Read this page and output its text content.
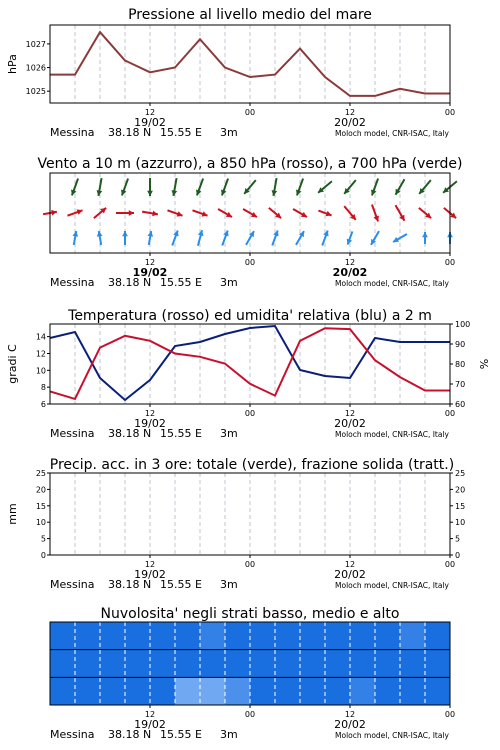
Pressione al livello medio del mare
hPa
1025
1026
1027
12	00	12	00
19/02	20/02
Messina 38.18 N 15.55 E 3m	Moloch model, CNR-ISAC, Italy
Vento a 10 m (azzurro), a 850 hPa (rosso), a 700 hPa (verde)
12	00	12	00
19/02	20/02
Messina 38.18 N 15.55 E 3m	Moloch model, CNR-ISAC, Italy
Temperatura (rosso) ed umidita' relativa (blu) a 2 m
gradi C	%
6
8
10
12
14
60
70
80
90
100
12	00	12	00
19/02	20/02
Messina 38.18 N 15.55 E 3m	Moloch model, CNR-ISAC, Italy
Precip. acc. in 3 ore: totale (verde), frazione solida (tratt.)
mm
0
5
10
15
20
25
0
5
10
15
20
25
12	00	12	00
19/02	20/02
Messina 38.18 N 15.55 E 3m	Moloch model, CNR-ISAC, Italy
Nuvolosita' negli strati basso, medio e alto
12	00	12	00
19/02	20/02
Messina 38.18 N 15.55 E 3m	Moloch model, CNR-ISAC, Italy
